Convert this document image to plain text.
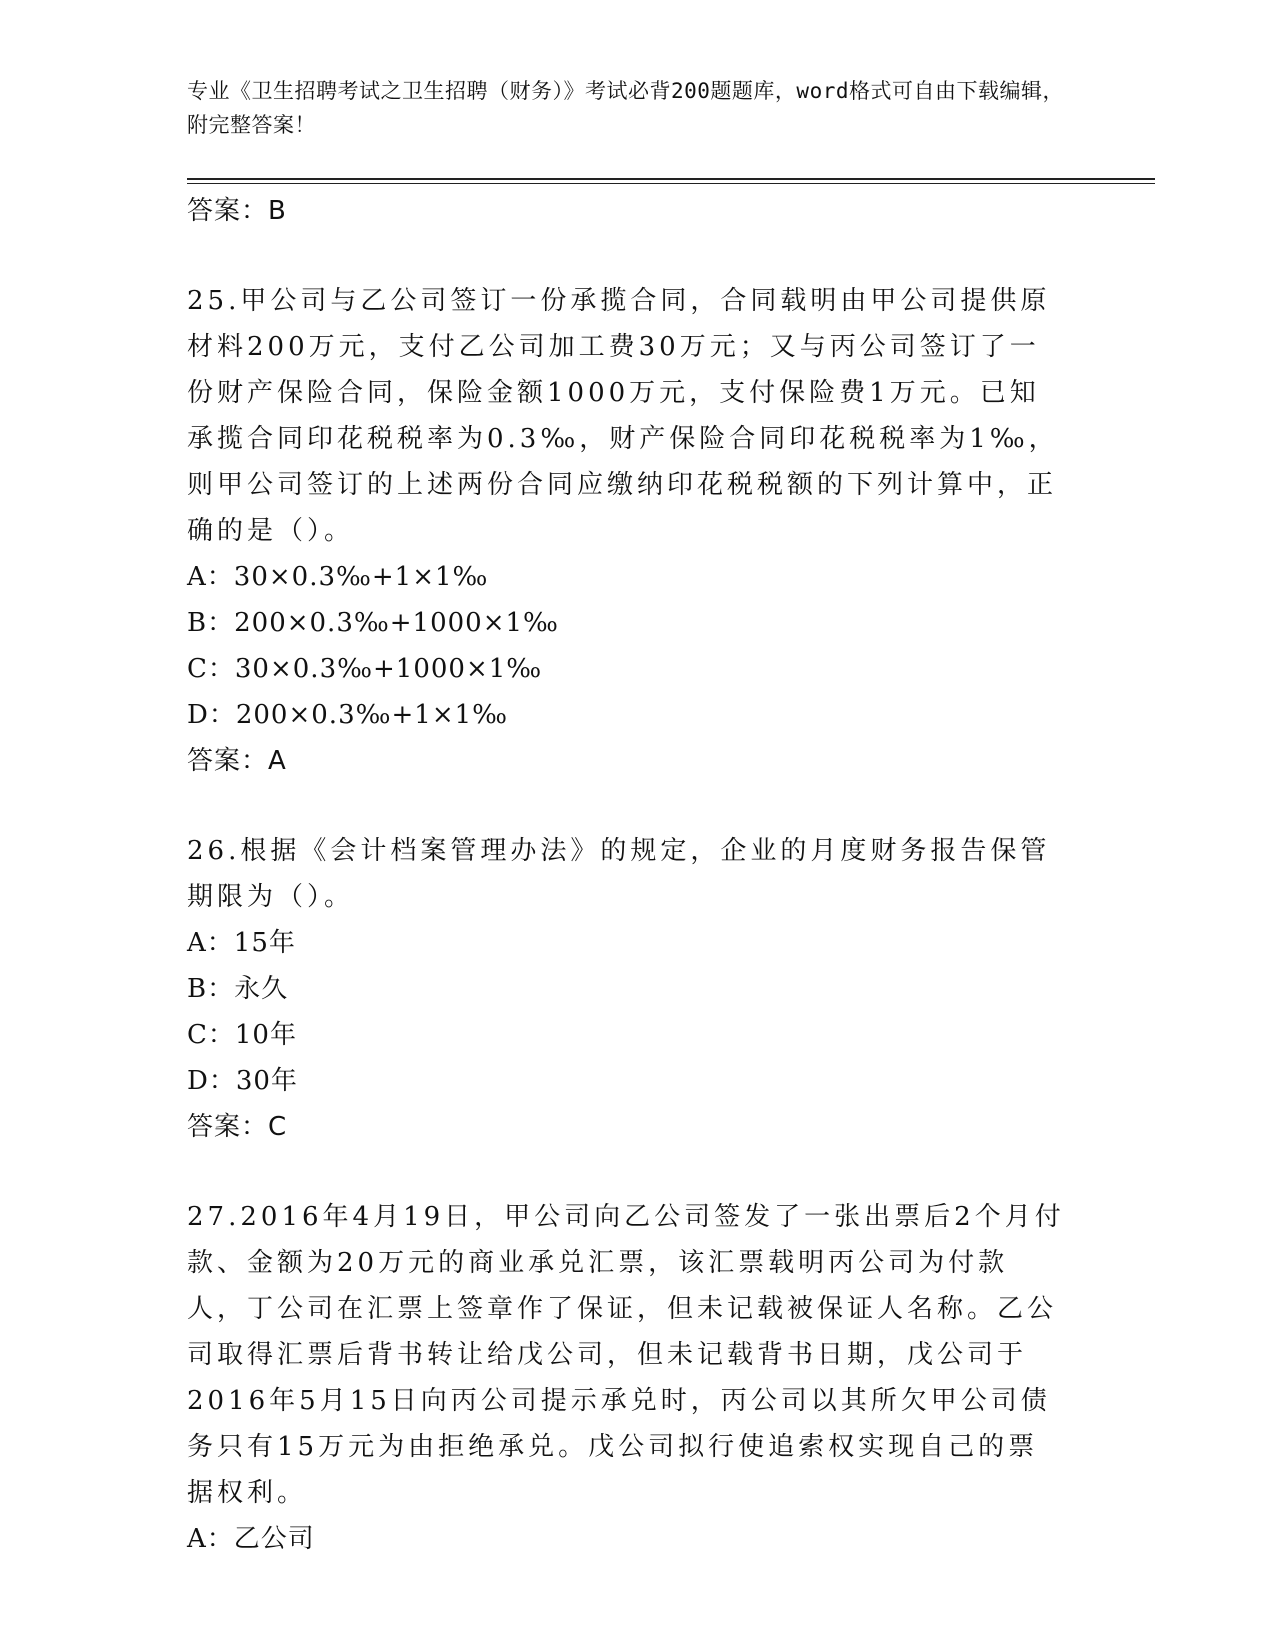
专业《卫生招聘考试之卫生招聘（财务）》考试必背200题题库，word格式可自由下载编辑，附完整答案！
答案：B
25.甲公司与乙公司签订一份承揽合同，合同载明由甲公司提供原材料200万元，支付乙公司加工费30万元；又与丙公司签订了一份财产保险合同，保险金额1000万元，支付保险费1万元。已知承揽合同印花税税率为0.3‰，财产保险合同印花税税率为1‰，则甲公司签订的上述两份合同应缴纳印花税税额的下列计算中，正确的是（）。
A：30×0.3‰+1×1‰
B：200×0.3‰+1000×1‰
C：30×0.3‰+1000×1‰
D：200×0.3‰+1×1‰
答案：A
26.根据《会计档案管理办法》的规定，企业的月度财务报告保管期限为（）。
A：15年
B：永久
C：10年
D：30年
答案：C
27.2016年4月19日，甲公司向乙公司签发了一张出票后2个月付款、金额为20万元的商业承兑汇票，该汇票载明丙公司为付款人，丁公司在汇票上签章作了保证，但未记载被保证人名称。乙公司取得汇票后背书转让给戊公司，但未记载背书日期，戊公司于2016年5月15日向丙公司提示承兑时，丙公司以其所欠甲公司债务只有15万元为由拒绝承兑。戊公司拟行使追索权实现自己的票据权利。
A：乙公司
